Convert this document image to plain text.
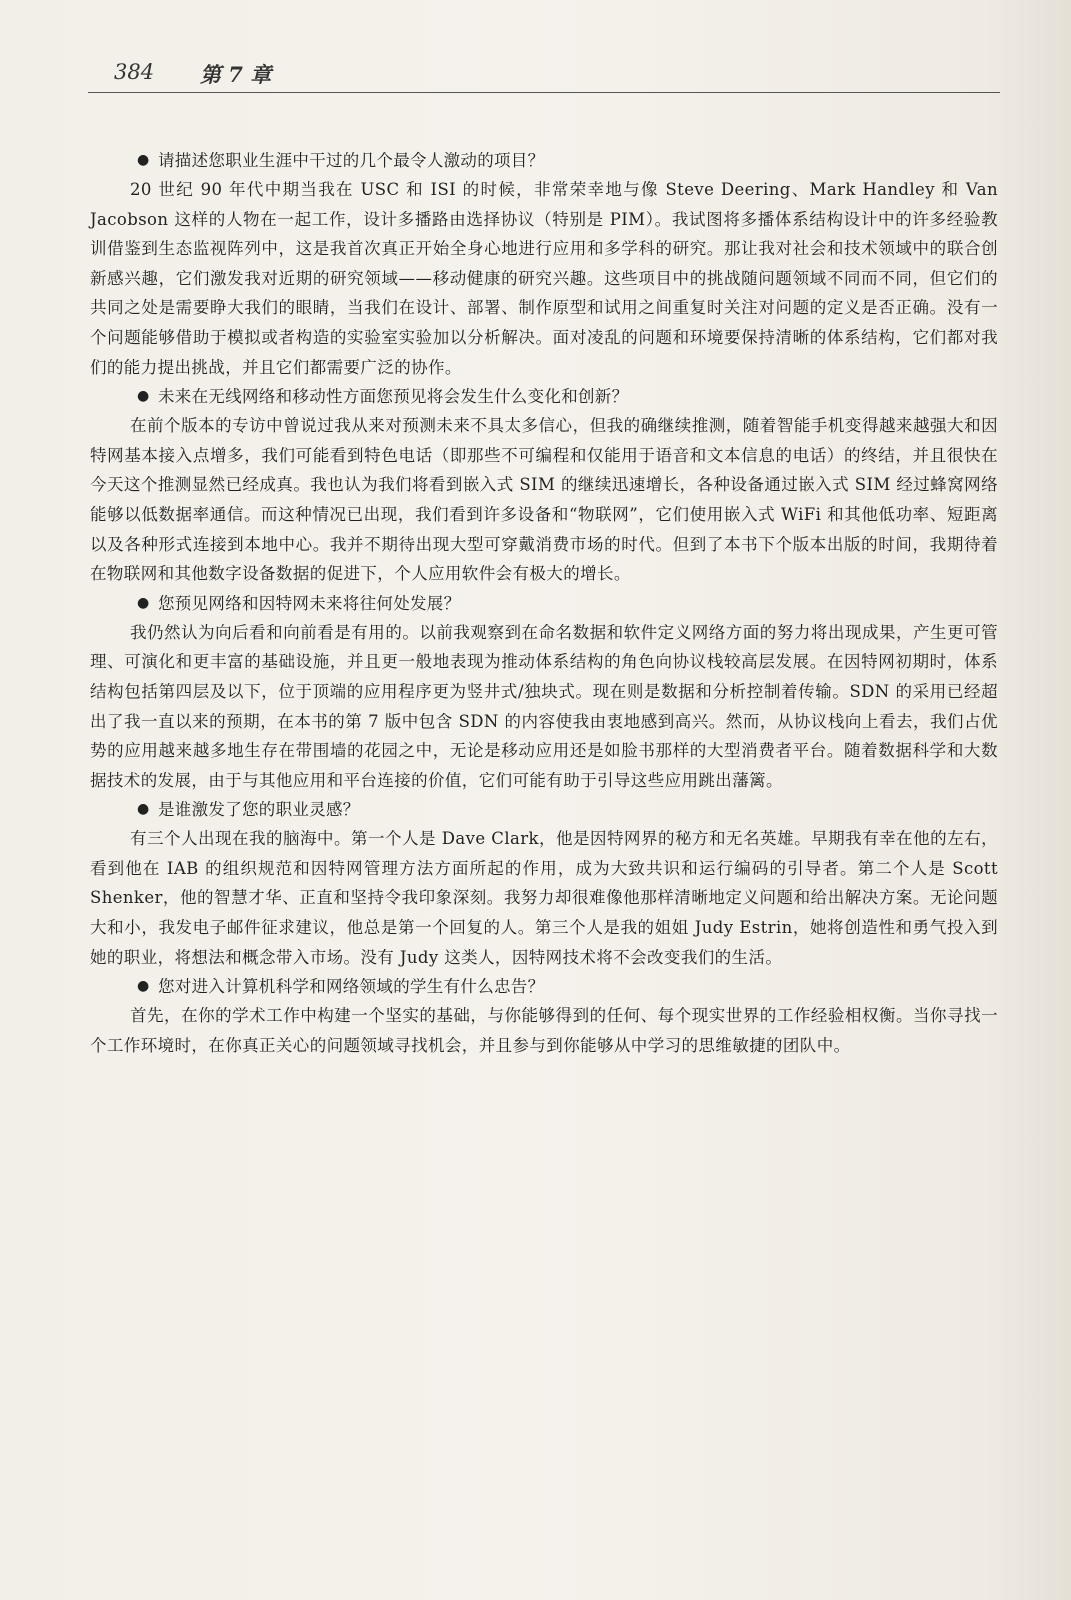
384 第 7 章

● 请描述您职业生涯中干过的几个最令人激动的项目？

20 世纪 90 年代中期当我在 USC 和 ISI 的时候，非常荣幸地与像 Steve Deering、Mark Handley 和 Van Jacobson 这样的人物在一起工作，设计多播路由选择协议（特别是 PIM）。我试图将多播体系结构设计中的许多经验教训借鉴到生态监视阵列中，这是我首次真正开始全身心地进行应用和多学科的研究。那让我对社会和技术领域中的联合创新感兴趣，它们激发我对近期的研究领域——移动健康的研究兴趣。这些项目中的挑战随问题领域不同而不同，但它们的共同之处是需要睁大我们的眼睛，当我们在设计、部署、制作原型和试用之间重复时关注对问题的定义是否正确。没有一个问题能够借助于模拟或者构造的实验室实验加以分析解决。面对凌乱的问题和环境要保持清晰的体系结构，它们都对我们的能力提出挑战，并且它们都需要广泛的协作。

● 未来在无线网络和移动性方面您预见将会发生什么变化和创新？

在前个版本的专访中曾说过我从来对预测未来不具太多信心，但我的确继续推测，随着智能手机变得越来越强大和因特网基本接入点增多，我们可能看到特色电话（即那些不可编程和仅能用于语音和文本信息的电话）的终结，并且很快在今天这个推测显然已经成真。我也认为我们将看到嵌入式 SIM 的继续迅速增长，各种设备通过嵌入式 SIM 经过蜂窝网络能够以低数据率通信。而这种情况已出现，我们看到许多设备和“物联网”，它们使用嵌入式 WiFi 和其他低功率、短距离以及各种形式连接到本地中心。我并不期待出现大型可穿戴消费市场的时代。但到了本书下个版本出版的时间，我期待着在物联网和其他数字设备数据的促进下，个人应用软件会有极大的增长。

● 您预见网络和因特网未来将往何处发展？

我仍然认为向后看和向前看是有用的。以前我观察到在命名数据和软件定义网络方面的努力将出现成果，产生更可管理、可演化和更丰富的基础设施，并且更一般地表现为推动体系结构的角色向协议栈较高层发展。在因特网初期时，体系结构包括第四层及以下，位于顶端的应用程序更为竖井式/独块式。现在则是数据和分析控制着传输。SDN 的采用已经超出了我一直以来的预期，在本书的第 7 版中包含 SDN 的内容使我由衷地感到高兴。然而，从协议栈向上看去，我们占优势的应用越来越多地生存在带围墙的花园之中，无论是移动应用还是如脸书那样的大型消费者平台。随着数据科学和大数据技术的发展，由于与其他应用和平台连接的价值，它们可能有助于引导这些应用跳出藩篱。

● 是谁激发了您的职业灵感？

有三个人出现在我的脑海中。第一个人是 Dave Clark，他是因特网界的秘方和无名英雄。早期我有幸在他的左右，看到他在 IAB 的组织规范和因特网管理方法方面所起的作用，成为大致共识和运行编码的引导者。第二个人是 Scott Shenker，他的智慧才华、正直和坚持令我印象深刻。我努力却很难像他那样清晰地定义问题和给出解决方案。无论问题大和小，我发电子邮件征求建议，他总是第一个回复的人。第三个人是我的姐姐 Judy Estrin，她将创造性和勇气投入到她的职业，将想法和概念带入市场。没有 Judy 这类人，因特网技术将不会改变我们的生活。

● 您对进入计算机科学和网络领域的学生有什么忠告？

首先，在你的学术工作中构建一个坚实的基础，与你能够得到的任何、每个现实世界的工作经验相权衡。当你寻找一个工作环境时，在你真正关心的问题领域寻找机会，并且参与到你能够从中学习的思维敏捷的团队中。
